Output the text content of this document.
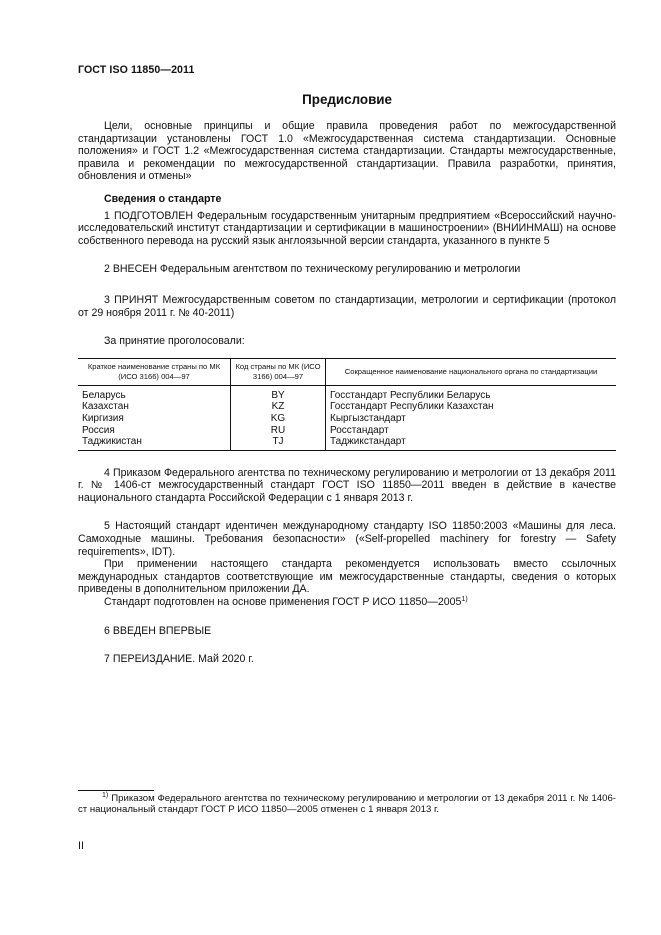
ГОСТ ISO 11850—2011
Предисловие

Цели, основные принципы и общие правила проведения работ по межгосударственной стандартизации установлены ГОСТ 1.0 «Межгосударственная система стандартизации. Основные положения» и ГОСТ 1.2 «Межгосударственная система стандартизации. Стандарты межгосударственные, правила и рекомендации по межгосударственной стандартизации. Правила разработки, принятия, обновления и отмены»

Сведения о стандарте

1 ПОДГОТОВЛЕН Федеральным государственным унитарным предприятием «Всероссийский научно-исследовательский институт стандартизации и сертификации в машиностроении» (ВНИИНМАШ) на основе собственного перевода на русский язык англоязычной версии стандарта, указанного в пункте 5

2 ВНЕСЕН Федеральным агентством по техническому регулированию и метрологии

3 ПРИНЯТ Межгосударственным советом по стандартизации, метрологии и сертификации (протокол от 29 ноября 2011 г. № 40-2011)

За принятие проголосовали:

Краткое наименование страны по МК (ИСО 3166) 004—97	Код страны по МК (ИСО 3166) 004—97	Сокращенное наименование национального органа по стандартизации
Беларусь	BY	Госстандарт Республики Беларусь
Казахстан	KZ	Госстандарт Республики Казахстан
Киргизия	KG	Кыргызстандарт
Россия	RU	Росстандарт
Таджикистан	TJ	Таджикстандарт

4 Приказом Федерального агентства по техническому регулированию и метрологии от 13 декабря 2011 г. № 1406-ст межгосударственный стандарт ГОСТ ISO 11850—2011 введен в действие в качестве национального стандарта Российской Федерации с 1 января 2013 г.

5 Настоящий стандарт идентичен международному стандарту ISO 11850:2003 «Машины для леса. Самоходные машины. Требования безопасности» («Self-propelled machinery for forestry — Safety requirements», IDT).

При применении настоящего стандарта рекомендуется использовать вместо ссылочных международных стандартов соответствующие им межгосударственные стандарты, сведения о которых приведены в дополнительном приложении ДА.

Стандарт подготовлен на основе применения ГОСТ Р ИСО 11850—2005$^{1)}$

6 ВВЕДЕН ВПЕРВЫЕ

7 ПЕРЕИЗДАНИЕ. Май 2020 г.

$^{1)}$ Приказом Федерального агентства по техническому регулированию и метрологии от 13 декабря 2011 г. № 1406-ст национальный стандарт ГОСТ Р ИСО 11850—2005 отменен с 1 января 2013 г.
II
